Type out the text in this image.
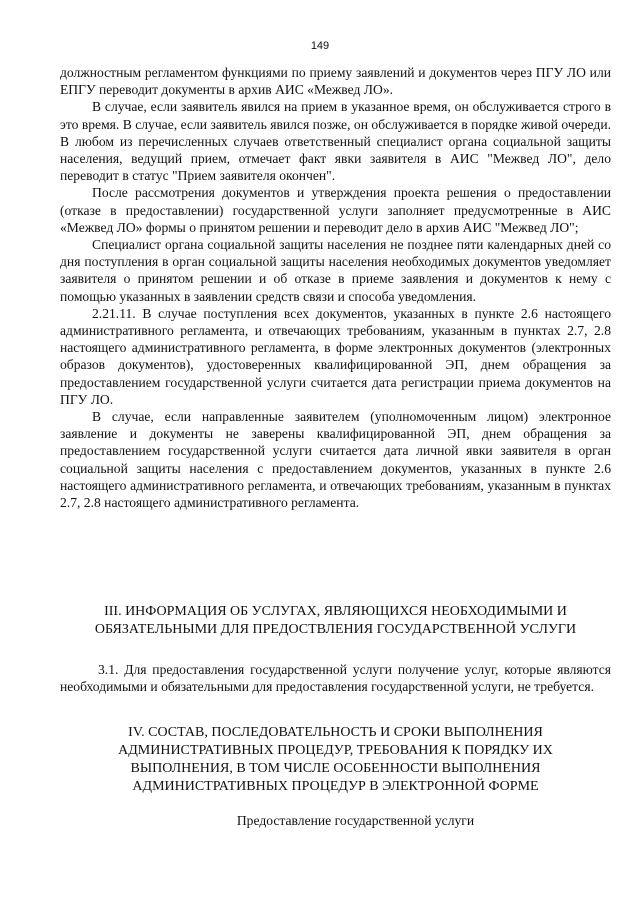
149

должностным регламентом функциями по приему заявлений и документов через ПГУ ЛО или ЕПГУ переводит документы в архив АИС «Межвед ЛО».

В случае, если заявитель явился на прием в указанное время, он обслуживается строго в это время. В случае, если заявитель явился позже, он обслуживается в порядке живой очереди. В любом из перечисленных случаев ответственный специалист органа социальной защиты населения, ведущий прием, отмечает факт явки заявителя в АИС "Межвед ЛО", дело переводит в статус "Прием заявителя окончен".

После рассмотрения документов и утверждения проекта решения о предоставлении (отказе в предоставлении) государственной услуги заполняет предусмотренные в АИС «Межвед ЛО» формы о принятом решении и переводит дело в архив АИС "Межвед ЛО";

Специалист органа социальной защиты населения не позднее пяти календарных дней со дня поступления в орган социальной защиты населения необходимых документов уведомляет заявителя о принятом решении и об отказе в приеме заявления и документов к нему с помощью указанных в заявлении средств связи и способа уведомления.

2.21.11. В случае поступления всех документов, указанных в пункте 2.6 настоящего административного регламента, и отвечающих требованиям, указанным в пунктах 2.7, 2.8 настоящего административного регламента, в форме электронных документов (электронных образов документов), удостоверенных квалифицированной ЭП, днем обращения за предоставлением государственной услуги считается дата регистрации приема документов на ПГУ ЛО.

В случае, если направленные заявителем (уполномоченным лицом) электронное заявление и документы не заверены квалифицированной ЭП, днем обращения за предоставлением государственной услуги считается дата личной явки заявителя в орган социальной защиты населения с предоставлением документов, указанных в пункте 2.6 настоящего административного регламента, и отвечающих требованиям, указанным в пунктах 2.7, 2.8 настоящего административного регламента.

III. ИНФОРМАЦИЯ ОБ УСЛУГАХ, ЯВЛЯЮЩИХСЯ НЕОБХОДИМЫМИ И
ОБЯЗАТЕЛЬНЫМИ ДЛЯ ПРЕДОСТВЛЕНИЯ ГОСУДАРСТВЕННОЙ УСЛУГИ

3.1. Для предоставления государственной услуги получение услуг, которые являются необходимыми и обязательными для предоставления государственной услуги, не требуется.

IV. СОСТАВ, ПОСЛЕДОВАТЕЛЬНОСТЬ И СРОКИ ВЫПОЛНЕНИЯ
АДМИНИСТРАТИВНЫХ ПРОЦЕДУР, ТРЕБОВАНИЯ К ПОРЯДКУ ИХ
ВЫПОЛНЕНИЯ, В ТОМ ЧИСЛЕ ОСОБЕННОСТИ ВЫПОЛНЕНИЯ
АДМИНИСТРАТИВНЫХ ПРОЦЕДУР В ЭЛЕКТРОННОЙ ФОРМЕ
Предоставление государственной услуги
